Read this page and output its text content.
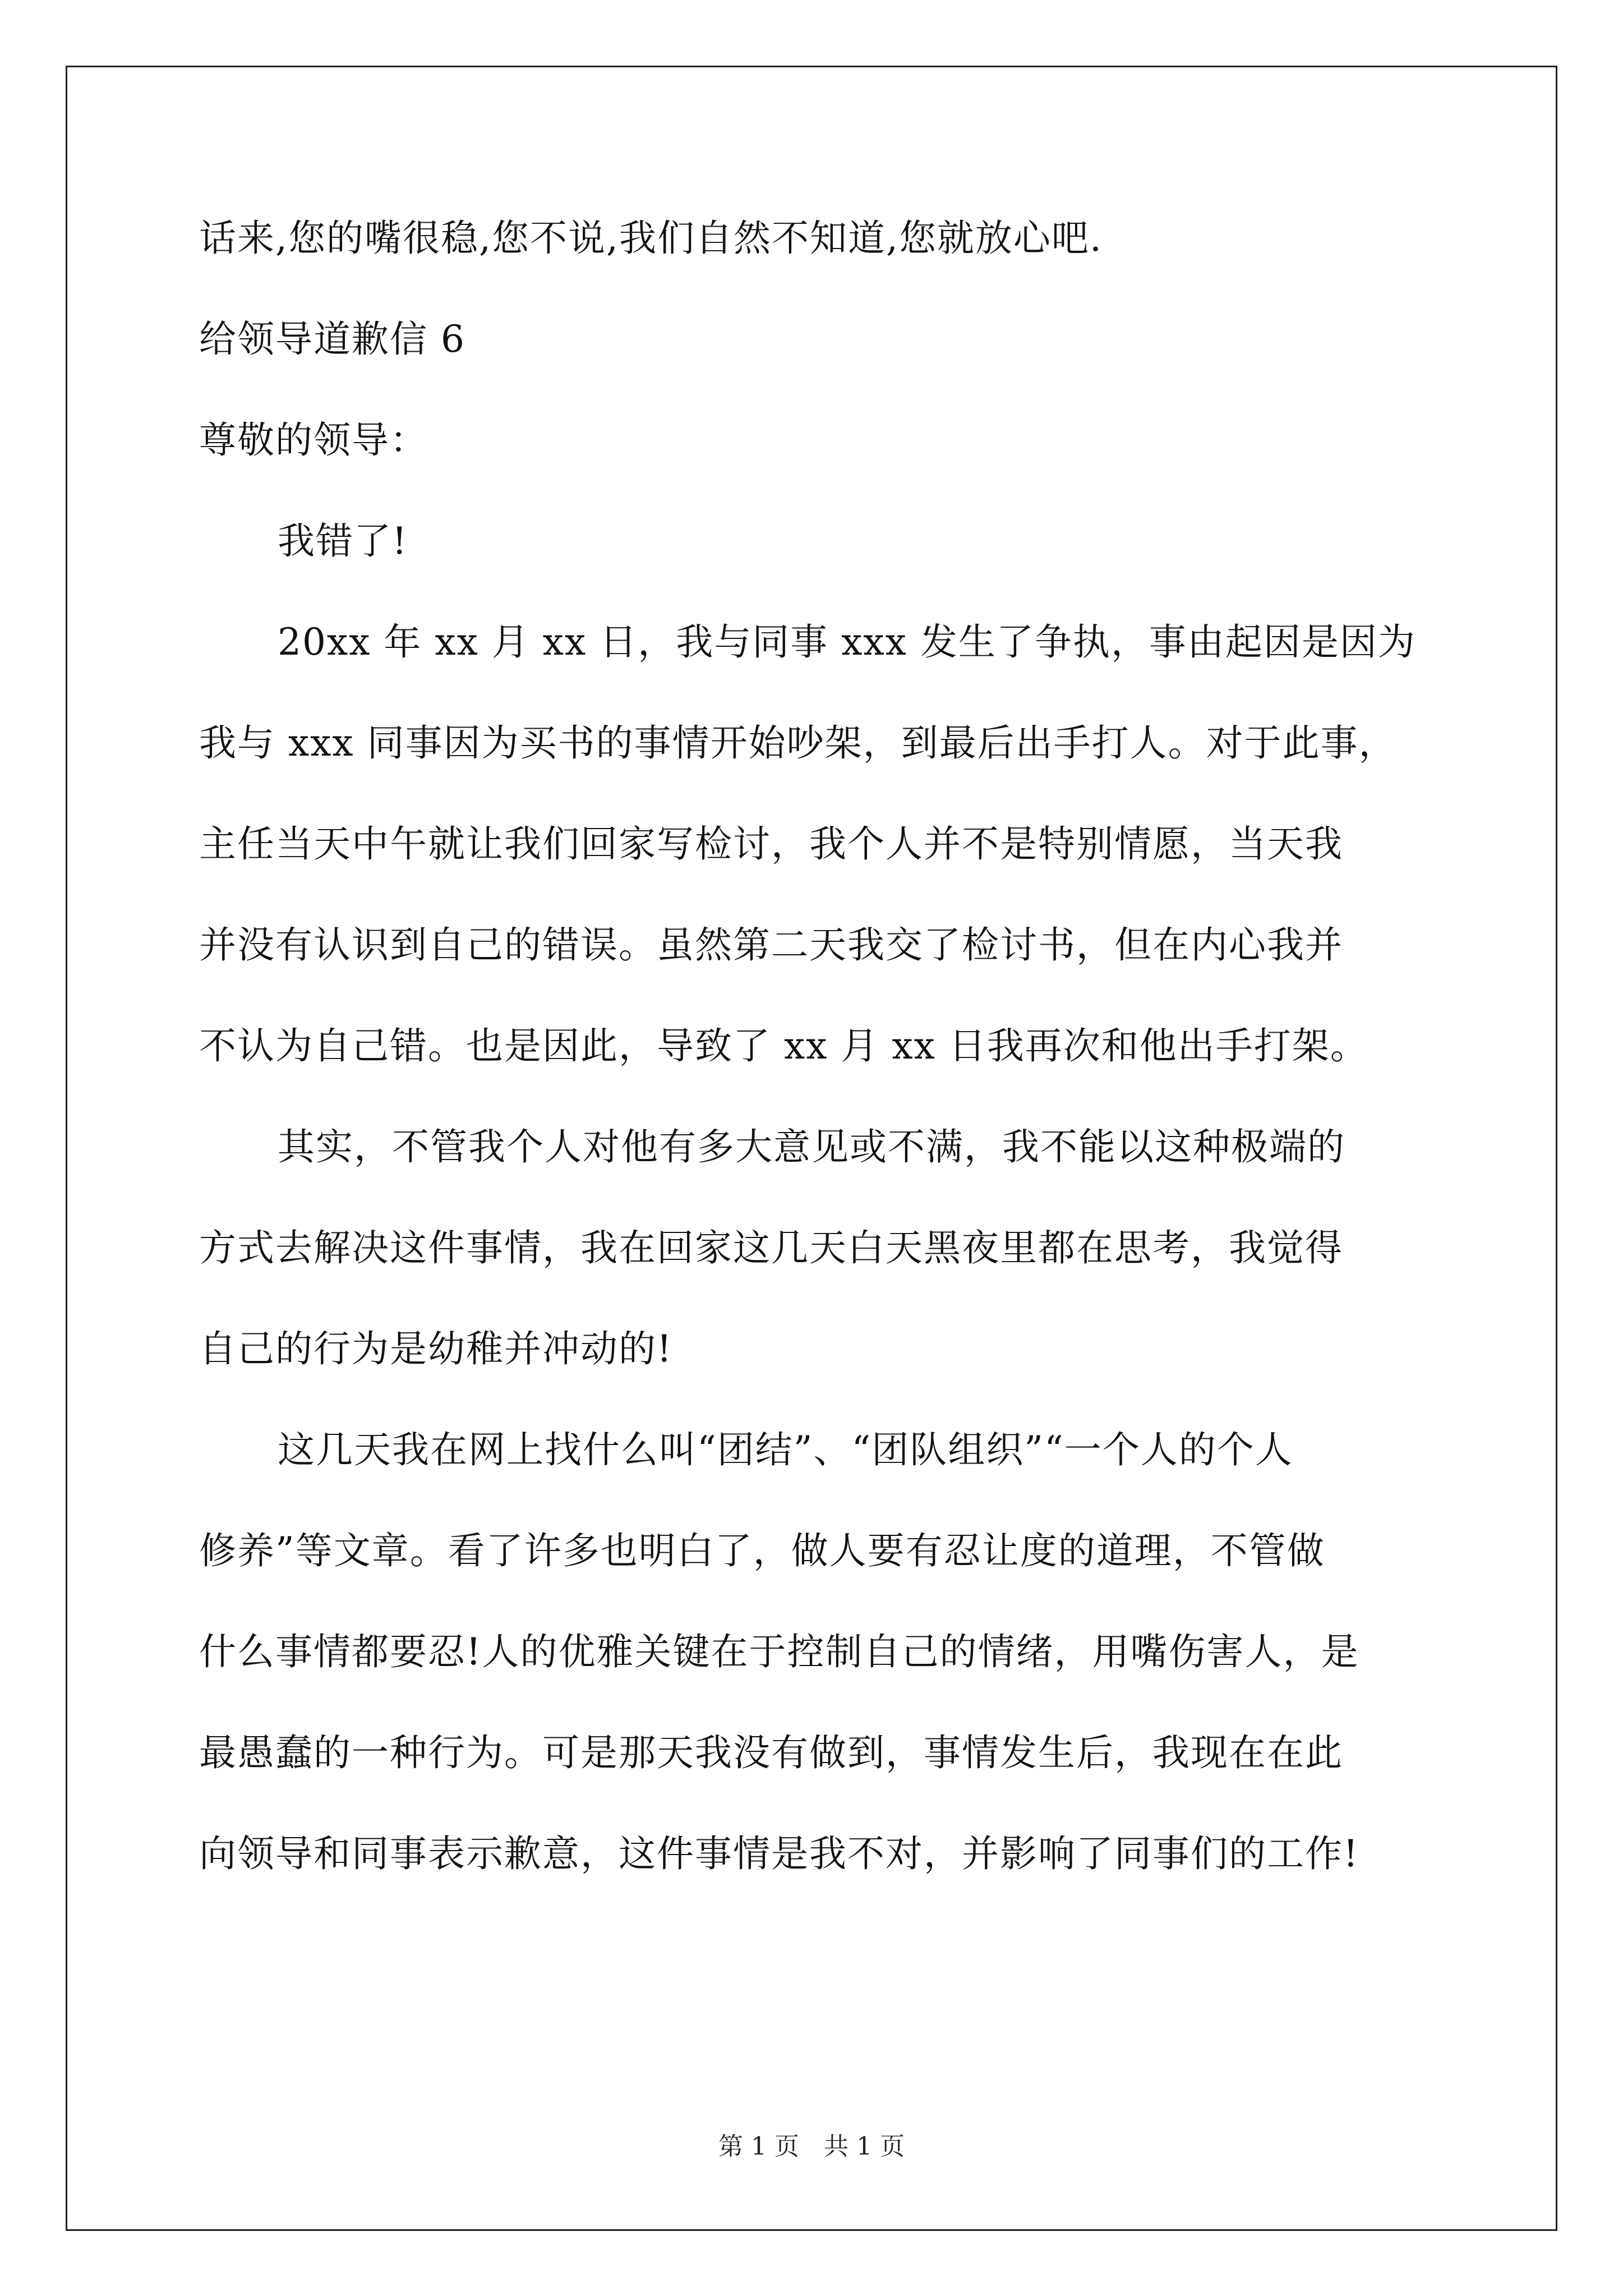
话来,您的嘴很稳,您不说,我们自然不知道,您就放心吧.
给领导道歉信 6
尊敬的领导：
我错了!
20xx 年 xx 月 xx 日，我与同事 xxx 发生了争执，事由起因是因为
我与 xxx 同事因为买书的事情开始吵架，到最后出手打人。对于此事，
主任当天中午就让我们回家写检讨，我个人并不是特别情愿，当天我
并没有认识到自己的错误。虽然第二天我交了检讨书，但在内心我并
不认为自己错。也是因此，导致了 xx 月 xx 日我再次和他出手打架。
其实，不管我个人对他有多大意见或不满，我不能以这种极端的
方式去解决这件事情，我在回家这几天白天黑夜里都在思考，我觉得
自己的行为是幼稚并冲动的!
这几天我在网上找什么叫“团结”、“团队组织”“一个人的个人
修养”等文章。看了许多也明白了，做人要有忍让度的道理，不管做
什么事情都要忍!人的优雅关键在于控制自己的情绪，用嘴伤害人，是
最愚蠢的一种行为。可是那天我没有做到，事情发生后，我现在在此
向领导和同事表示歉意，这件事情是我不对，并影响了同事们的工作!
第 1 页　共 1 页
